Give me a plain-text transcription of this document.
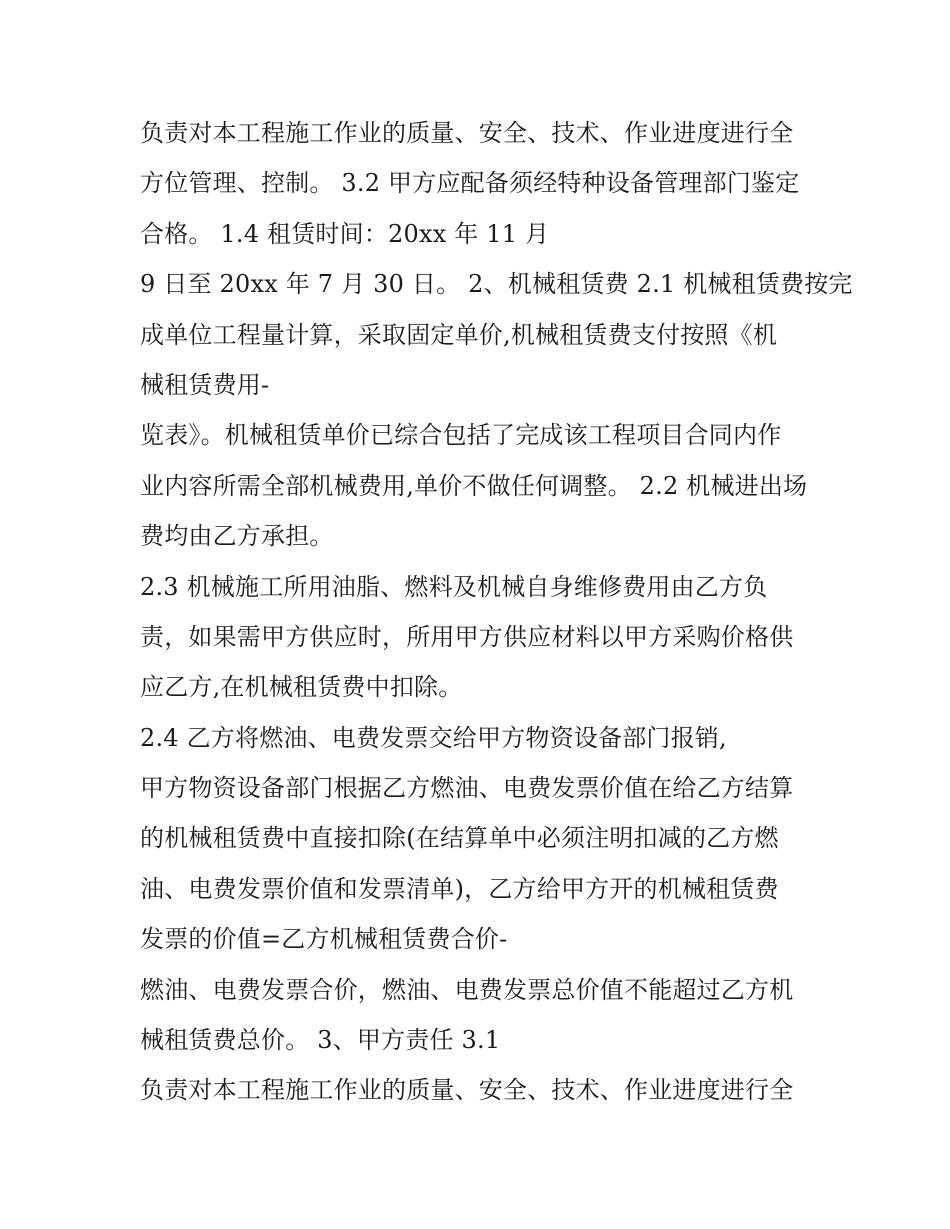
负责对本工程施工作业的质量、安全、技术、作业进度进行全
方位管理、控制。 3.2 甲方应配备须经特种设备管理部门鉴定
合格。 1.4 租赁时间：20xx 年 11 月
9 日至 20xx 年 7 月 30 日。 2、机械租赁费 2.1 机械租赁费按完
成单位工程量计算，采取固定单价,机械租赁费支付按照《机
械租赁费用-
览表》。机械租赁单价已综合包括了完成该工程项目合同内作
业内容所需全部机械费用,单价不做任何调整。 2.2 机械进出场
费均由乙方承担。
2.3 机械施工所用油脂、燃料及机械自身维修费用由乙方负
责，如果需甲方供应时，所用甲方供应材料以甲方采购价格供
应乙方,在机械租赁费中扣除。
2.4 乙方将燃油、电费发票交给甲方物资设备部门报销,
甲方物资设备部门根据乙方燃油、电费发票价值在给乙方结算
的机械租赁费中直接扣除(在结算单中必须注明扣减的乙方燃
油、电费发票价值和发票清单)，乙方给甲方开的机械租赁费
发票的价值=乙方机械租赁费合价-
燃油、电费发票合价，燃油、电费发票总价值不能超过乙方机
械租赁费总价。 3、甲方责任 3.1
负责对本工程施工作业的质量、安全、技术、作业进度进行全
